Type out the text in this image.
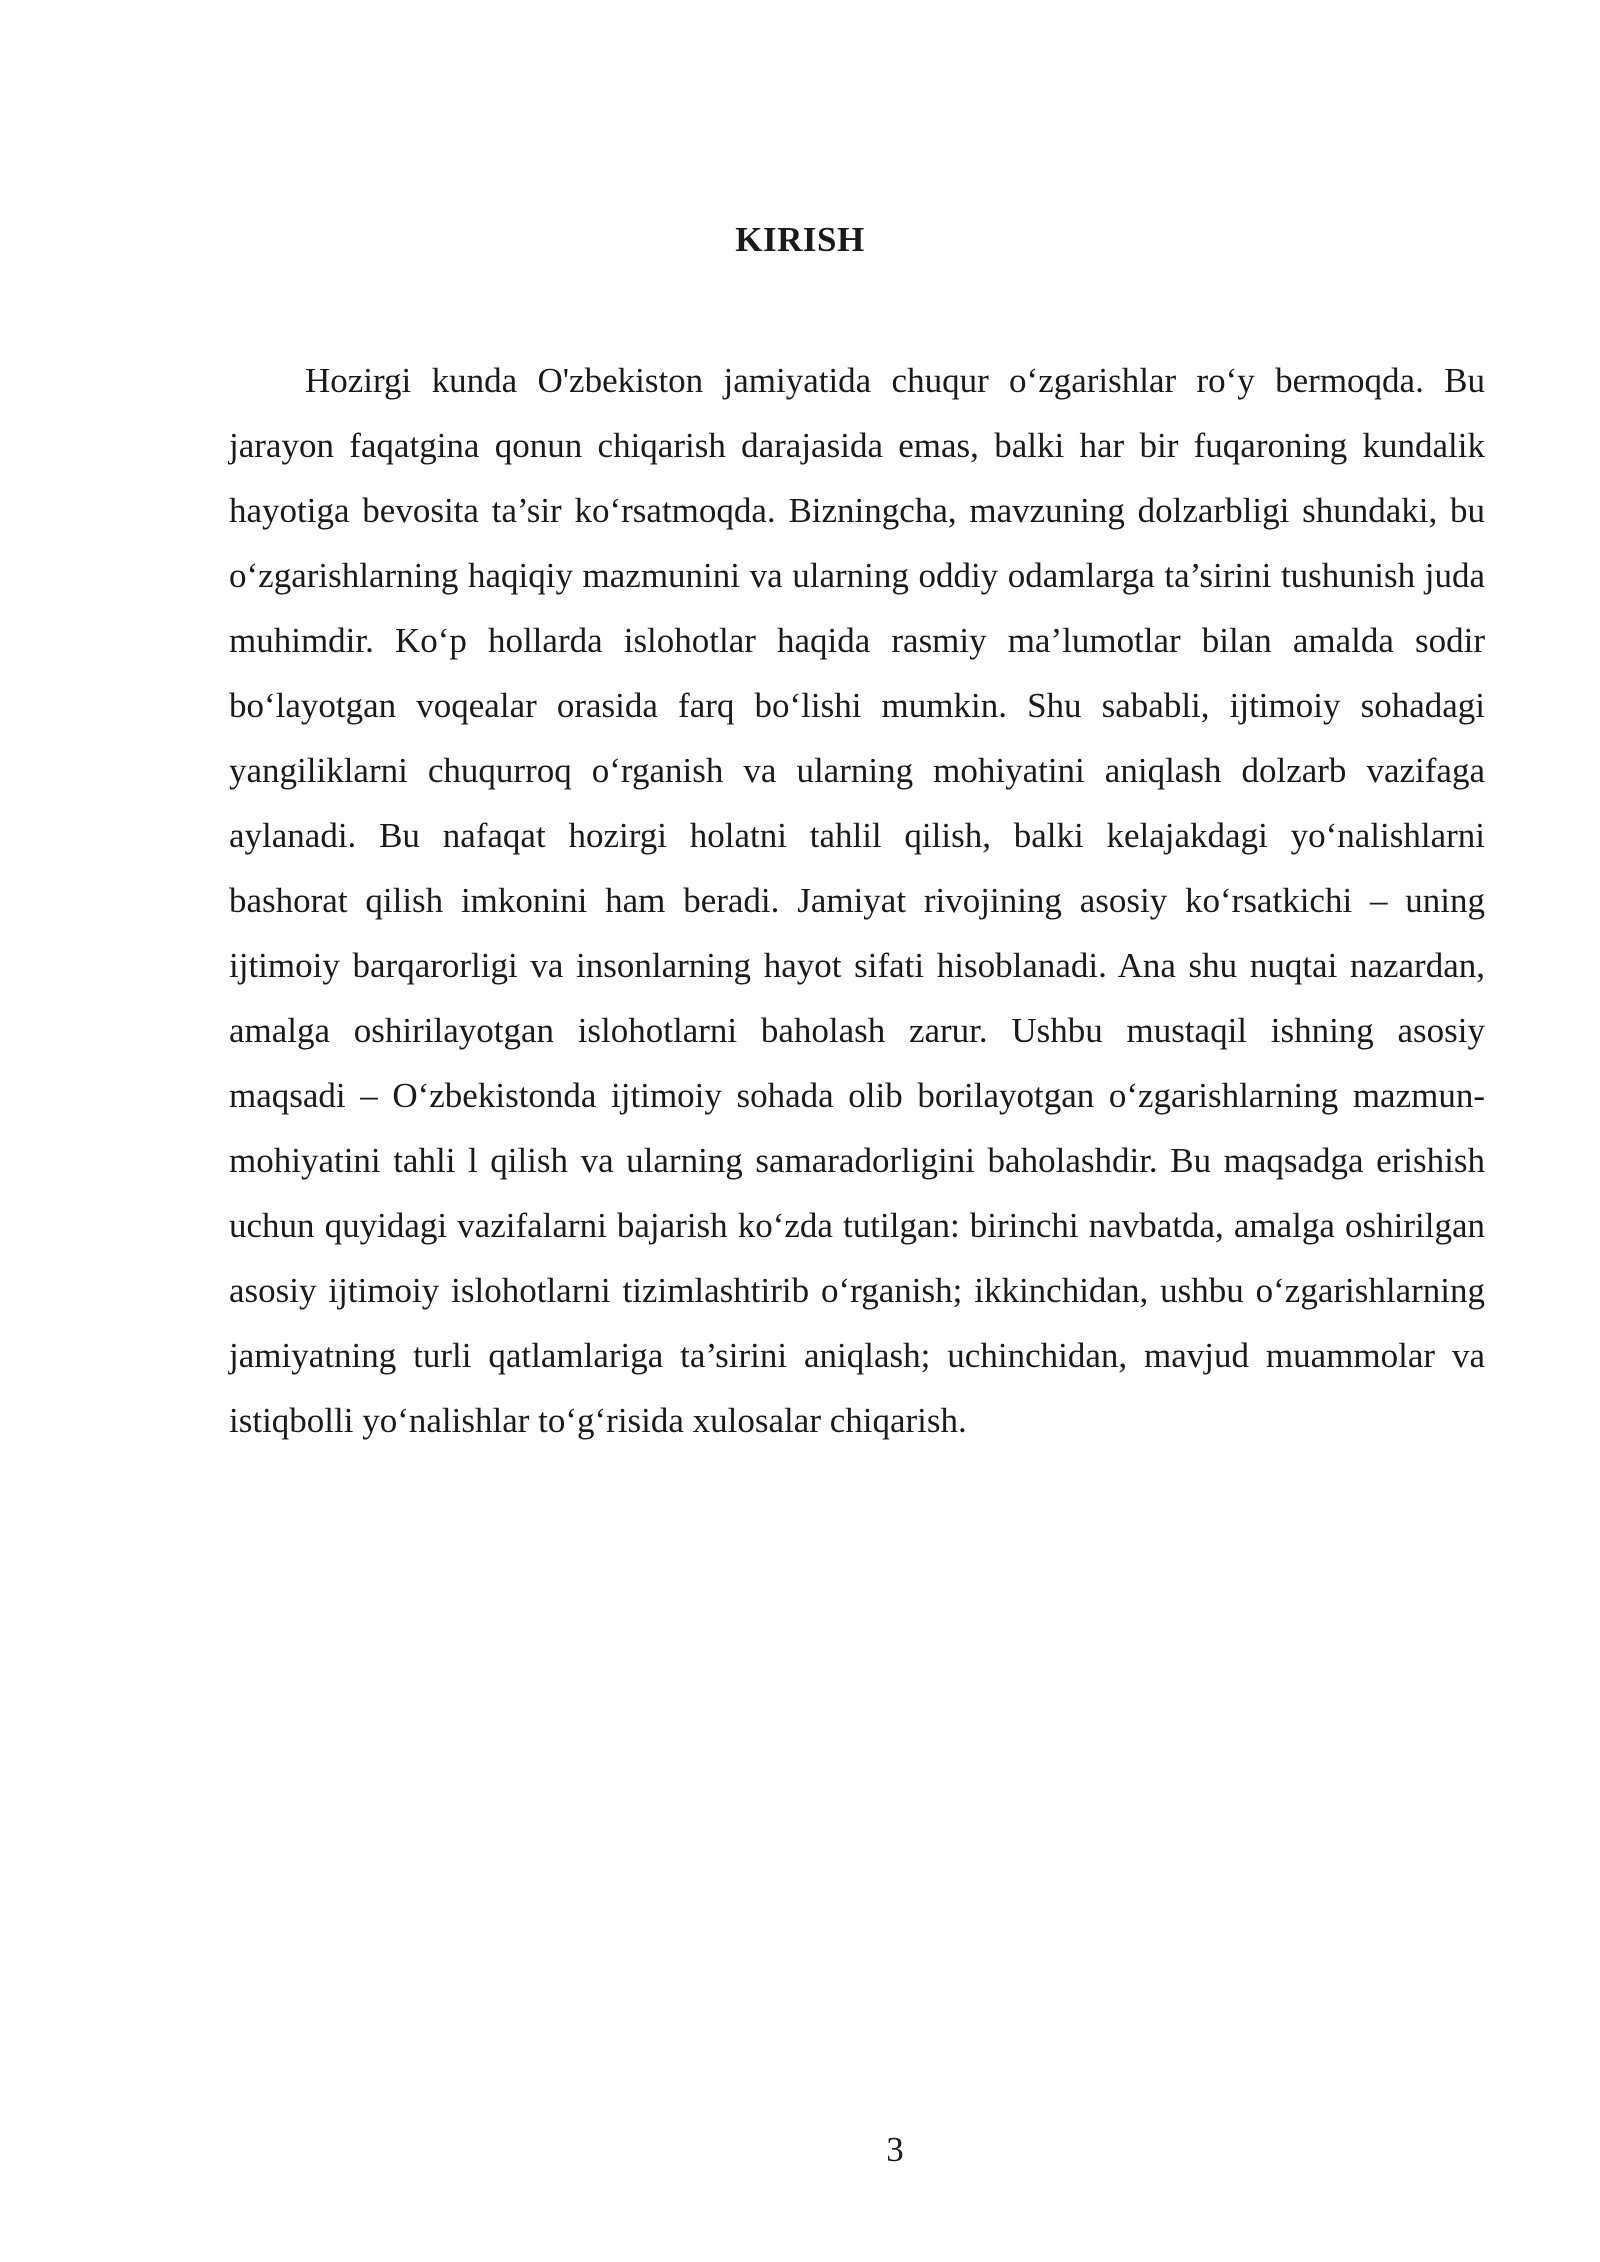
KIRISH

Hozirgi kunda O'zbekiston jamiyatida chuqur o‘zgarishlar ro‘y bermoqda. Bu jarayon faqatgina qonun chiqarish darajasida emas, balki har bir fuqaroning kundalik hayotiga bevosita ta’sir ko‘rsatmoqda. Bizningcha, mavzuning dolzarbligi shundaki, bu o‘zgarishlarning haqiqiy mazmunini va ularning oddiy odamlarga ta’sirini tushunish juda muhimdir. Ko‘p hollarda islohotlar haqida rasmiy ma’lumotlar bilan amalda sodir bo‘layotgan voqealar orasida farq bo‘lishi mumkin. Shu sababli, ijtimoiy sohadagi yangiliklarni chuqurroq o‘rganish va ularning mohiyatini aniqlash dolzarb vazifaga aylanadi. Bu nafaqat hozirgi holatni tahlil qilish, balki kelajakdagi yo‘nalishlarni bashorat qilish imkonini ham beradi. Jamiyat rivojining asosiy ko‘rsatkichi – uning ijtimoiy barqarorligi va insonlarning hayot sifati hisoblanadi. Ana shu nuqtai nazardan, amalga oshirilayotgan islohotlarni baholash zarur. Ushbu mustaqil ishning asosiy maqsadi – O‘zbekistonda ijtimoiy sohada olib borilayotgan o‘zgarishlarning mazmun-mohiyatini tahli l qilish va ularning samaradorligini baholashdir. Bu maqsadga erishish uchun quyidagi vazifalarni bajarish ko‘zda tutilgan: birinchi navbatda, amalga oshirilgan asosiy ijtimoiy islohotlarni tizimlashtirib o‘rganish; ikkinchidan, ushbu o‘zgarishlarning jamiyatning turli qatlamlariga ta’sirini aniqlash; uchinchidan, mavjud muammolar va istiqbolli yo‘nalishlar to‘g‘risida xulosalar chiqarish.

3
